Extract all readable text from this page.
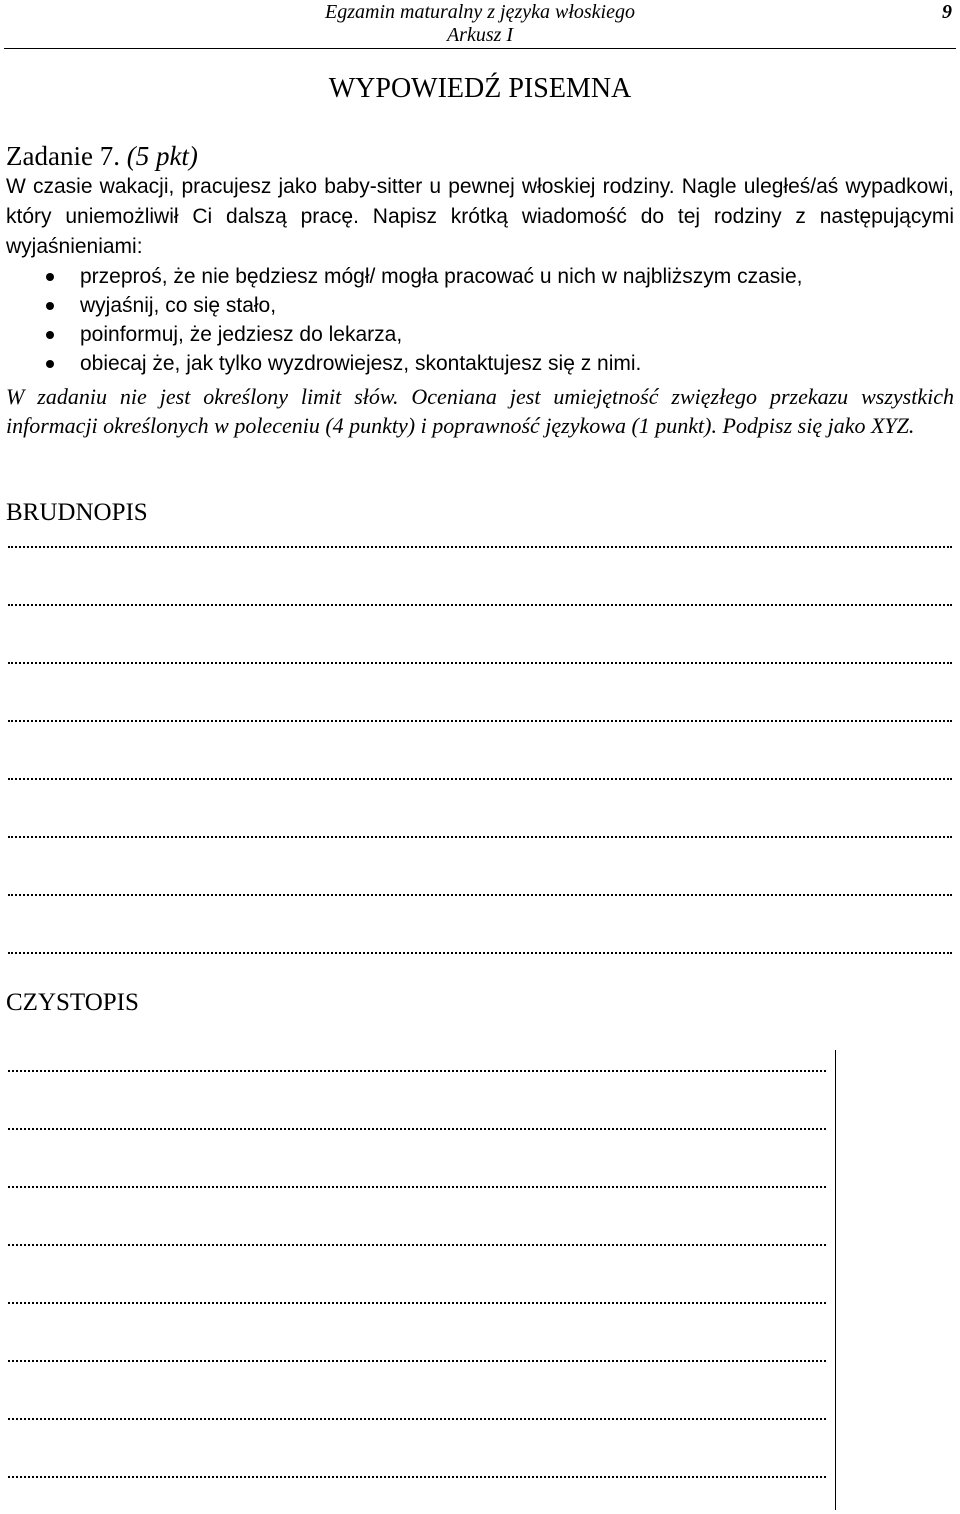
Egzamin maturalny z języka włoskiego
Arkusz I
9
WYPOWIEDŹ PISEMNA
Zadanie 7. (5 pkt)
W czasie wakacji, pracujesz jako baby-sitter u pewnej włoskiej rodziny. Nagle uległeś/aś wypadkowi, który uniemożliwił Ci dalszą pracę. Napisz krótką wiadomość do tej rodziny z następującymi wyjaśnieniami:
przeproś, że nie będziesz mógł/ mogła pracować u nich w najbliższym czasie,
wyjaśnij, co się stało,
poinformuj, że jedziesz do lekarza,
obiecaj że, jak tylko wyzdrowiejesz, skontaktujesz się z nimi.
W zadaniu nie jest określony limit słów. Oceniana jest umiejętność zwięzłego przekazu wszystkich informacji określonych w poleceniu (4 punkty) i poprawność językowa (1 punkt). Podpisz się jako XYZ.
BRUDNOPIS
CZYSTOPIS
